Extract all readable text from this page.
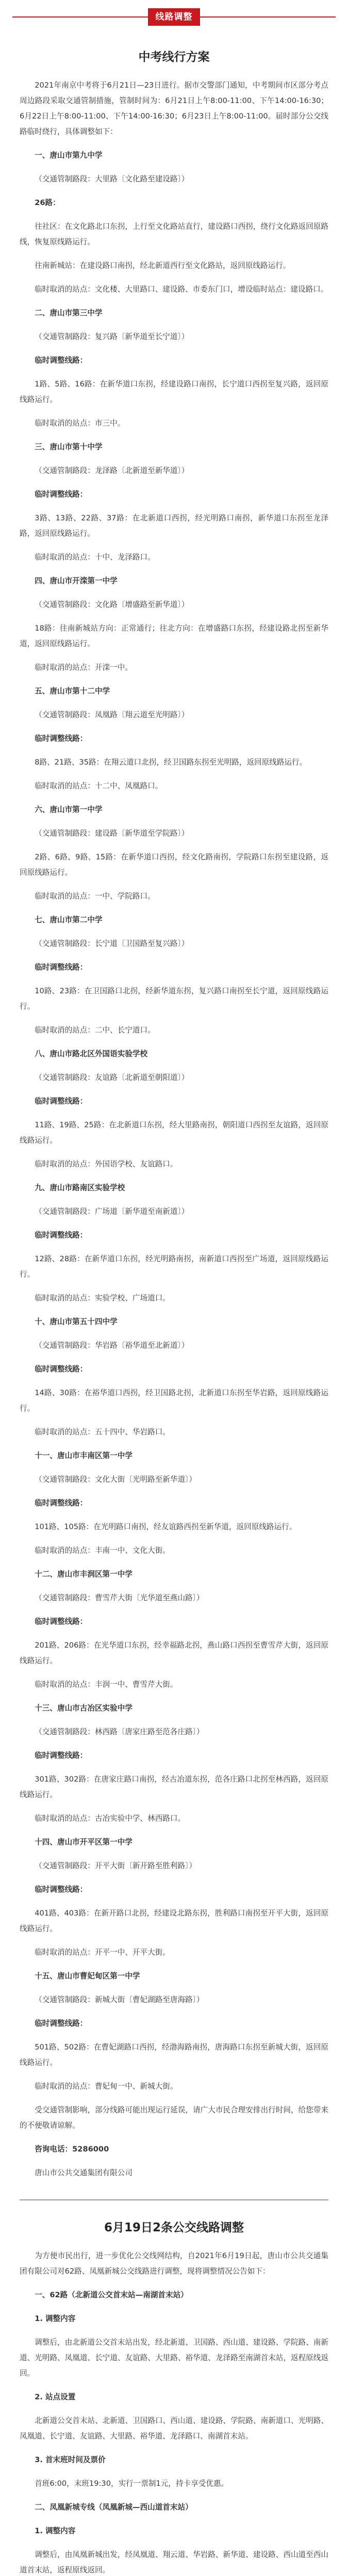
线路调整
中考线行方案

2021年南京中考将于6月21日—23日进行。据市交警部门通知，中考期间市区部分考点周边路段采取交通管制措施，管制时间为：6月21日上午8:00-11:00、下午14:00-16:30；6月22日上午8:00-11:00、下午14:00-16:30；6月23日上午8:00-11:00。届时部分公交线路临时绕行，具体调整如下：

一、唐山市第九中学

（交通管制路段：大里路〔文化路至建设路〕）

26路：

往社区：在文化路北口东拐，上行至文化路站直行，建设路口西拐，绕行文化路返回原路线，恢复原线路运行。

往南新城站：在建设路口南拐，经北新道西行至文化路站，返回原线路运行。

临时取消的站点：文化楼、大里路口、建设路、市委东门口，增设临时站点：建设路口。

二、唐山市第三中学

（交通管制路段：复兴路〔新华道至长宁道〕）

临时调整线路：

1路、5路、16路：在新华道口东拐，经建设路口南拐，长宁道口西拐至复兴路，返回原线路运行。

临时取消的站点：市三中。

三、唐山市第十中学

（交通管制路段：龙泽路〔北新道至新华道〕）

临时调整线路：

3路、13路、22路、37路：在北新道口西拐，经光明路口南拐，新华道口东拐至龙泽路，返回原线路运行。

临时取消的站点：十中、龙泽路口。

四、唐山市开滦第一中学

（交通管制路段：文化路〔增盛路至新华道〕）

18路：往南新城站方向：正常通行；往北方向：在增盛路口东拐，经建设路北拐至新华道，返回原线路运行。

临时取消的站点：开滦一中。

五、唐山市第十二中学

（交通管制路段：凤凰路〔翔云道至光明路〕）

临时调整线路：

8路、21路、35路：在翔云道口北拐，经卫国路东拐至光明路，返回原线路运行。

临时取消的站点：十二中、凤凰路口。

六、唐山市第一中学

（交通管制路段：建设路〔新华道至学院路〕）

2路、6路、9路、15路：在新华道口西拐，经文化路南拐，学院路口东拐至建设路，返回原线路运行。

临时取消的站点：一中、学院路口。

七、唐山市第二中学

（交通管制路段：长宁道〔卫国路至复兴路〕）

临时调整线路：

10路、23路：在卫国路口北拐，经新华道东拐，复兴路口南拐至长宁道，返回原线路运行。

临时取消的站点：二中、长宁道口。

八、唐山市路北区外国语实验学校

（交通管制路段：友谊路〔北新道至朝阳道〕）

临时调整线路：

11路、19路、25路：在北新道口东拐，经大里路南拐，朝阳道口西拐至友谊路，返回原线路运行。

临时取消的站点：外国语学校、友谊路口。

九、唐山市路南区实验学校

（交通管制路段：广场道〔新华道至南新道〕）

临时调整线路：

12路、28路：在新华道口东拐，经光明路南拐，南新道口西拐至广场道，返回原线路运行。

临时取消的站点：实验学校、广场道口。

十、唐山市第五十四中学

（交通管制路段：华岩路〔裕华道至北新道〕）

临时调整线路：

14路、30路：在裕华道口西拐，经卫国路北拐，北新道口东拐至华岩路，返回原线路运行。

临时取消的站点：五十四中、华岩路口。

十一、唐山市丰南区第一中学

（交通管制路段：文化大街〔光明路至新华道〕）

临时调整线路：

101路、105路：在光明路口南拐，经友谊路西拐至新华道，返回原线路运行。

临时取消的站点：丰南一中、文化大街。

十二、唐山市丰润区第一中学

（交通管制路段：曹雪芹大街〔光华道至燕山路〕）

临时调整线路：

201路、206路：在光华道口东拐，经幸福路北拐，燕山路口西拐至曹雪芹大街，返回原线路运行。

临时取消的站点：丰润一中、曹雪芹大街。

十三、唐山市古冶区实验中学

（交通管制路段：林西路〔唐家庄路至范各庄路〕）

临时调整线路：

301路、302路：在唐家庄路口南拐，经古冶道东拐，范各庄路口北拐至林西路，返回原线路运行。

临时取消的站点：古冶实验中学、林西路口。

十四、唐山市开平区第一中学

（交通管制路段：开平大街〔新开路至胜利路〕）

临时调整线路：

401路、403路：在新开路口北拐，经建设北路东拐，胜利路口南拐至开平大街，返回原线路运行。

临时取消的站点：开平一中、开平大街。

十五、唐山市曹妃甸区第一中学

（交通管制路段：新城大街〔曹妃湖路至唐海路〕）

临时调整线路：

501路、502路：在曹妃湖路口西拐，经渤海路南拐，唐海路口东拐至新城大街，返回原线路运行。

临时取消的站点：曹妃甸一中、新城大街。

受交通管制影响，部分线路可能出现运行延误，请广大市民合理安排出行时间，给您带来的不便敬请谅解。

咨询电话：5286000

唐山市公共交通集团有限公司

6月19日2条公交线路调整

为方便市民出行，进一步优化公交线网结构，自2021年6月19日起，唐山市公共交通集团有限公司对62路、凤凰新城公交线路进行调整，现将调整情况公告如下：

一、62路（北新道公交首末站—南湖首末站）

1. 调整内容

调整后，由北新道公交首末站出发，经北新道、卫国路、西山道、建设路、学院路、南新道、光明路、凤凰道、长宁道、友谊路、大里路、裕华道、龙泽路至南湖首末站，返程原线返回。

2. 站点设置

北新道公交首末站、北新道、卫国路口、西山道、建设路、学院路、南新道口、光明路、凤凰道、长宁道、友谊路、大里路、裕华道、龙泽路口、南湖首末站。

3. 首末班时间及票价

首班6:00，末班19:30，实行一票制1元，持卡享受优惠。

二、凤凰新城专线（凤凰新城—西山道首末站）

1. 调整内容

调整后，由凤凰新城出发，经凤凰道、翔云道、华岩路、新华道、建设路、西山道至西山道首末站，返程原线返回。
